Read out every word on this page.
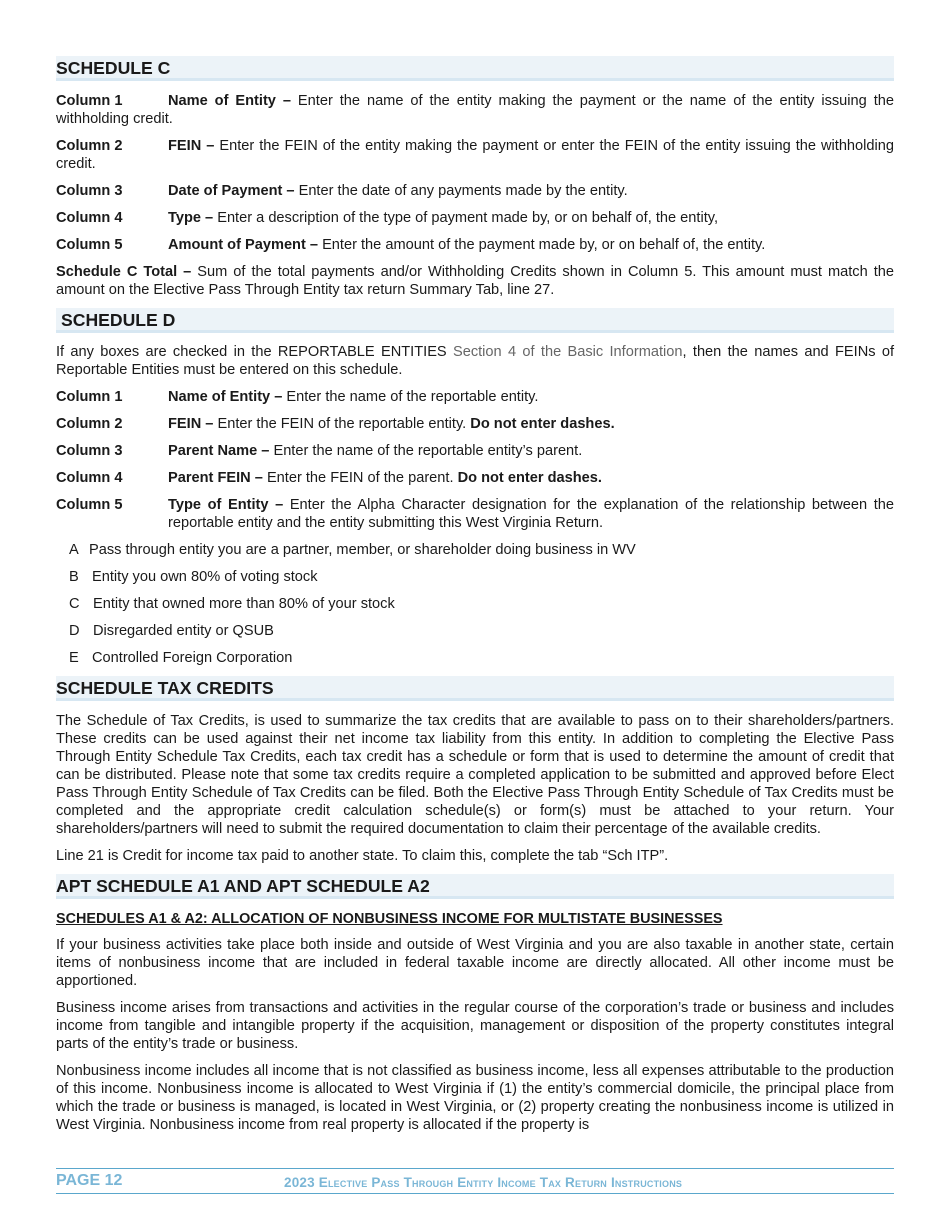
SCHEDULE C
Column 1	Name of Entity – Enter the name of the entity making the payment or the name of the entity issuing the withholding credit.
Column 2	FEIN – Enter the FEIN of the entity making the payment or enter the FEIN of the entity issuing the withholding credit.
Column 3	Date of Payment – Enter the date of any payments made by the entity.
Column 4	Type – Enter a description of the type of payment made by, or on behalf of, the entity,
Column 5	Amount of Payment – Enter the amount of the payment made by, or on behalf of, the entity.

Schedule C Total – Sum of the total payments and/or Withholding Credits shown in Column 5. This amount must match the amount on the Elective Pass Through Entity tax return Summary Tab, line 27.

SCHEDULE D

If any boxes are checked in the REPORTABLE ENTITIES Section 4 of the Basic Information, then the names and FEINs of Reportable Entities must be entered on this schedule.

Column 1	Name of Entity – Enter the name of the reportable entity.
Column 2	FEIN – Enter the FEIN of the reportable entity. Do not enter dashes.
Column 3	Parent Name – Enter the name of the reportable entity’s parent.
Column 4	Parent FEIN – Enter the FEIN of the parent. Do not enter dashes.
Column 5	Type of Entity – Enter the Alpha Character designation for the explanation of the relationship between the reportable entity and the entity submitting this West Virginia Return.
A Pass through entity you are a partner, member, or shareholder doing business in WV
B Entity you own 80% of voting stock
C Entity that owned more than 80% of your stock
D Disregarded entity or QSUB
E Controlled Foreign Corporation
SCHEDULE TAX CREDITS

The Schedule of Tax Credits, is used to summarize the tax credits that are available to pass on to their shareholders/partners. These credits can be used against their net income tax liability from this entity. In addition to completing the Elective Pass Through Entity Schedule Tax Credits, each tax credit has a schedule or form that is used to determine the amount of credit that can be distributed. Please note that some tax credits require a completed application to be submitted and approved before Elect Pass Through Entity Schedule of Tax Credits can be filed. Both the Elective Pass Through Entity Schedule of Tax Credits must be completed and the appropriate credit calculation schedule(s) or form(s) must be attached to your return. Your shareholders/partners will need to submit the required documentation to claim their percentage of the available credits.

Line 21 is Credit for income tax paid to another state. To claim this, complete the tab “Sch ITP”.

APT SCHEDULE A1 AND APT SCHEDULE A2
SCHEDULES A1 & A2: ALLOCATION OF NONBUSINESS INCOME FOR MULTISTATE BUSINESSES

If your business activities take place both inside and outside of West Virginia and you are also taxable in another state, certain items of nonbusiness income that are included in federal taxable income are directly allocated. All other income must be apportioned.

Business income arises from transactions and activities in the regular course of the corporation’s trade or business and includes income from tangible and intangible property if the acquisition, management or disposition of the property constitutes integral parts of the entity’s trade or business.

Nonbusiness income includes all income that is not classified as business income, less all expenses attributable to the production of this income. Nonbusiness income is allocated to West Virginia if (1) the entity’s commercial domicile, the principal place from which the trade or business is managed, is located in West Virginia, or (2) property creating the nonbusiness income is utilized in West Virginia. Nonbusiness income from real property is allocated if the property is

PAGE 12	2023 Elective Pass Through Entity Income Tax Return Instructions
